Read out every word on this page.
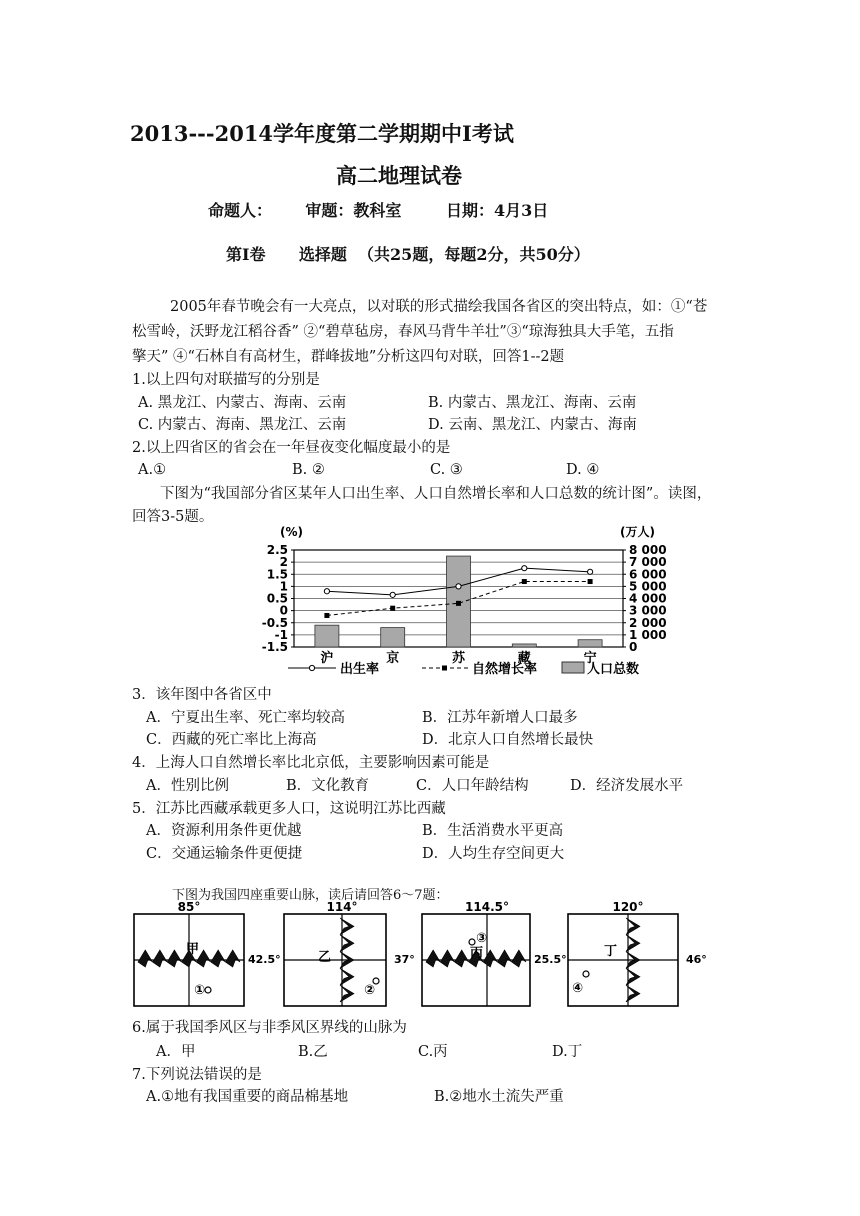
2013---2014学年度第二学期期中Ⅰ考试
高二地理试卷
命题人：      审题：教科室        日期：4月3日
第Ⅰ卷      选择题  （共25题，每题2分，共50分）
2005年春节晚会有一大亮点，以对联的形式描绘我国各省区的突出特点，如：①“苍
松雪岭，沃野龙江稻谷香” ②“碧草毡房，春风马背牛羊壮”③“琼海独具大手笔，五指
擎天” ④“石林自有高材生，群峰拔地”分析这四句对联，回答1--2题
1.以上四句对联描写的分别是
A. 黑龙江、内蒙古、海南、云南	B. 内蒙古、黑龙江、海南、云南
C. 内蒙古、海南、黑龙江、云南	D. 云南、黑龙江、内蒙古、海南
2.以上四省区的省会在一年昼夜变化幅度最小的是
A.①	B. ②	C. ③	D. ④
下图为“我国部分省区某年人口出生率、人口自然增长率和人口总数的统计图”。读图，
回答3-5题。
2.5
2
1.5
1
0.5
0
-0.5
-1
-1.5
8 000
7 000
6 000
5 000
4 000
3 000
2 000
1 000
0
(%)	(万人)
沪	京	苏	藏	宁
出生率	自然增长率	人口总数
3．该年图中各省区中
A．宁夏出生率、死亡率均较高	B．江苏年新增人口最多
C．西藏的死亡率比上海高	D．北京人口自然增长最快
4．上海人口自然增长率比北京低，主要影响因素可能是
A．性别比例	B．文化教育	C．人口年龄结构	D．经济发展水平
5．江苏比西藏承载更多人口，这说明江苏比西藏
A．资源利用条件更优越	B．生活消费水平更高
C．交通运输条件更便捷	D．人均生存空间更大
下图为我国四座重要山脉，读后请回答6～7题：
85°
42.5°
甲
①
114°
37°
乙
②
114.5°
25.5°
丙
③
120°
46°
丁
④
6.属于我国季风区与非季风区界线的山脉为
A．甲	B.乙	C.丙	D.丁
7.下列说法错误的是
A.①地有我国重要的商品棉基地	B.②地水土流失严重
